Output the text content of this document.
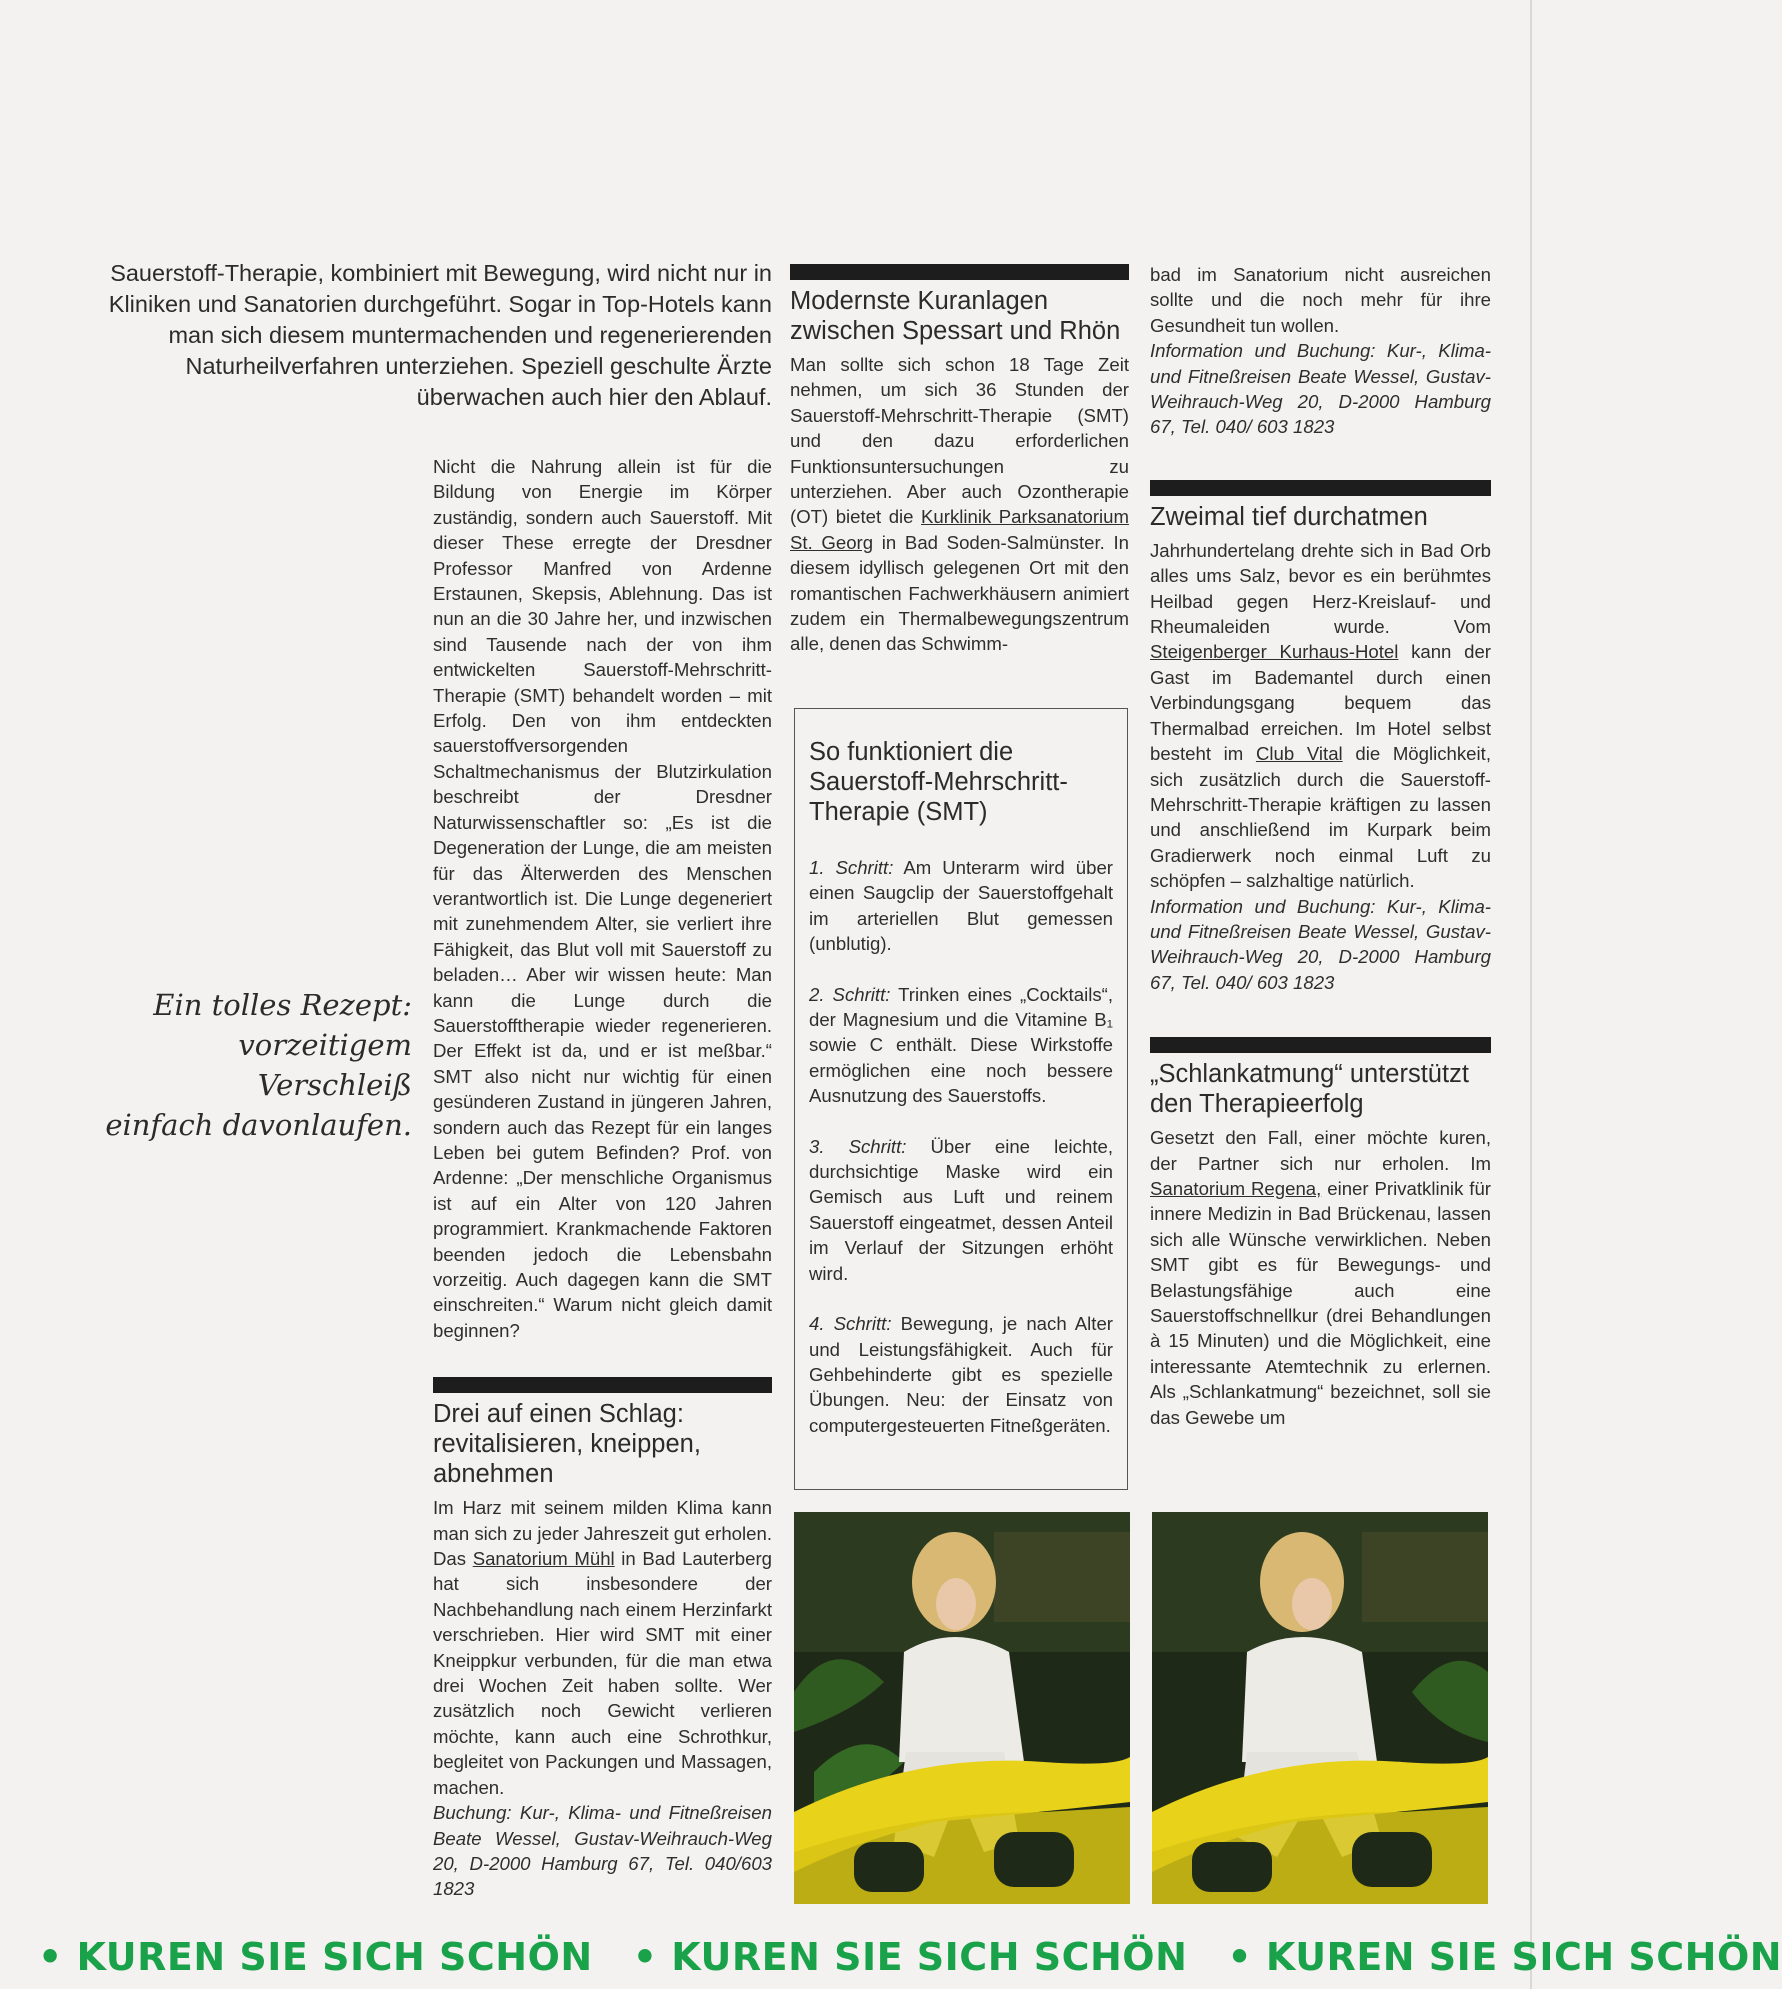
Sauerstoff-Therapie, kombiniert mit Bewegung, wird nicht nur in Kliniken und Sanatorien durchgeführt. Sogar in Top-Hotels kann man sich diesem muntermachenden und regenerierenden Naturheilverfahren unterziehen. Speziell geschulte Ärzte überwachen auch hier den Ablauf.
Ein tolles Rezept:
vorzeitigem Verschleiß
einfach davonlaufen.

Nicht die Nahrung allein ist für die Bildung von Energie im Körper zuständig, sondern auch Sauerstoff. Mit dieser These erregte der Dresdner Professor Manfred von Ardenne Erstaunen, Skepsis, Ablehnung. Das ist nun an die 30 Jahre her, und inzwischen sind Tausende nach der von ihm entwickelten Sauerstoff-Mehrschritt-Therapie (SMT) behandelt worden – mit Erfolg. Den von ihm entdeckten sauerstoffversorgenden Schaltmechanismus der Blutzirkulation beschreibt der Dresdner Naturwissenschaftler so: „Es ist die Degeneration der Lunge, die am meisten für das Älterwerden des Menschen verantwortlich ist. Die Lunge degeneriert mit zunehmendem Alter, sie verliert ihre Fähigkeit, das Blut voll mit Sauerstoff zu beladen… Aber wir wissen heute: Man kann die Lunge durch die Sauerstofftherapie wieder regenerieren. Der Effekt ist da, und er ist meßbar.“ SMT also nicht nur wichtig für einen gesünderen Zustand in jüngeren Jahren, sondern auch das Rezept für ein langes Leben bei gutem Befinden? Prof. von Ardenne: „Der menschliche Organismus ist auf ein Alter von 120 Jahren programmiert. Krankmachende Faktoren beenden jedoch die Lebensbahn vorzeitig. Auch dagegen kann die SMT einschreiten.“ Warum nicht gleich damit beginnen?

Drei auf einen Schlag: revitalisieren, kneippen, abnehmen

Im Harz mit seinem milden Klima kann man sich zu jeder Jahreszeit gut erholen. Das Sanatorium Mühl in Bad Lauterberg hat sich insbesondere der Nachbehandlung nach einem Herzinfarkt verschrieben. Hier wird SMT mit einer Kneippkur verbunden, für die man etwa drei Wochen Zeit haben sollte. Wer zusätzlich noch Gewicht verlieren möchte, kann auch eine Schrothkur, begleitet von Packungen und Massagen, machen.

Buchung: Kur-, Klima- und Fitneßreisen Beate Wessel, Gustav-Weihrauch-Weg 20, D-2000 Hamburg 67, Tel. 040/603 1823

Modernste Kuranlagen zwischen Spessart und Rhön

Man sollte sich schon 18 Tage Zeit nehmen, um sich 36 Stunden der Sauerstoff-Mehrschritt-Therapie (SMT) und den dazu erforderlichen Funktionsuntersuchungen zu unterziehen. Aber auch Ozontherapie (OT) bietet die Kurklinik Parksanatorium St. Georg in Bad Soden-Salmünster. In diesem idyllisch gelegenen Ort mit den romantischen Fachwerkhäusern animiert zudem ein Thermalbewegungszentrum alle, denen das Schwimm-

So funktioniert die Sauerstoff-Mehrschritt-Therapie (SMT)

1. Schritt: Am Unterarm wird über einen Saugclip der Sauerstoffgehalt im arteriellen Blut gemessen (unblutig).

2. Schritt: Trinken eines „Cocktails“, der Magnesium und die Vitamine B₁ sowie C enthält. Diese Wirkstoffe ermöglichen eine noch bessere Ausnutzung des Sauerstoffs.

3. Schritt: Über eine leichte, durchsichtige Maske wird ein Gemisch aus Luft und reinem Sauerstoff eingeatmet, dessen Anteil im Verlauf der Sitzungen erhöht wird.

4. Schritt: Bewegung, je nach Alter und Leistungsfähigkeit. Auch für Gehbehinderte gibt es spezielle Übungen. Neu: der Einsatz von computergesteuerten Fitneßgeräten.

bad im Sanatorium nicht ausreichen sollte und die noch mehr für ihre Gesundheit tun wollen.

Information und Buchung: Kur-, Klima- und Fitneßreisen Beate Wessel, Gustav-Weihrauch-Weg 20, D-2000 Hamburg 67, Tel. 040/ 603 1823

Zweimal tief durchatmen

Jahrhundertelang drehte sich in Bad Orb alles ums Salz, bevor es ein berühmtes Heilbad gegen Herz-Kreislauf- und Rheumaleiden wurde. Vom Steigenberger Kurhaus-Hotel kann der Gast im Bademantel durch einen Verbindungsgang bequem das Thermalbad erreichen. Im Hotel selbst besteht im Club Vital die Möglichkeit, sich zusätzlich durch die Sauerstoff-Mehrschritt-Therapie kräftigen zu lassen und anschließend im Kurpark beim Gradierwerk noch einmal Luft zu schöpfen – salzhaltige natürlich.

Information und Buchung: Kur-, Klima- und Fitneßreisen Beate Wessel, Gustav-Weihrauch-Weg 20, D-2000 Hamburg 67, Tel. 040/ 603 1823

„Schlankatmung“ unterstützt den Therapieerfolg

Gesetzt den Fall, einer möchte kuren, der Partner sich nur erholen. Im Sanatorium Regena, einer Privatklinik für innere Medizin in Bad Brückenau, lassen sich alle Wünsche verwirklichen. Neben SMT gibt es für Bewegungs- und Belastungsfähige auch eine Sauerstoffschnellkur (drei Behandlungen à 15 Minuten) und die Möglichkeit, eine interessante Atemtechnik zu erlernen. Als „Schlankatmung“ bezeichnet, soll sie das Gewebe um

• KUREN SIE SICH SCHÖN • KUREN SIE SICH SCHÖN • KUREN SIE SICH SCHÖN
